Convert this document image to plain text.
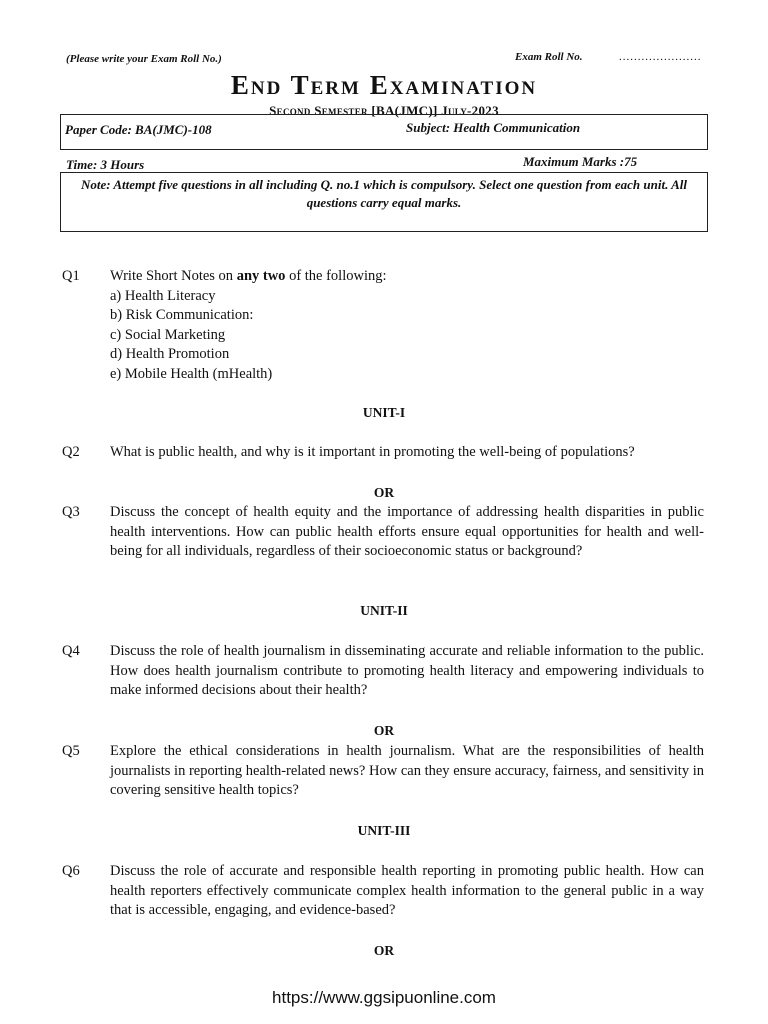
(Please write your Exam Roll No.)	Exam Roll No.	......................
End Term Examination
Second Semester [BA(JMC)] July-2023
Paper Code: BA(JMC)-108	Subject: Health Communication
Time: 3 Hours	Maximum Marks :75
Note: Attempt five questions in all including Q. no.1 which is compulsory. Select one question from each unit. All questions carry equal marks.
Q1	Write Short Notes on any two of the following:
a) Health Literacy
b) Risk Communication:
c) Social Marketing
d) Health Promotion
e) Mobile Health (mHealth)
UNIT-I
Q2	What is public health, and why is it important in promoting the well-being of populations?
OR
Q3	Discuss the concept of health equity and the importance of addressing health disparities in public health interventions. How can public health efforts ensure equal opportunities for health and well-being for all individuals, regardless of their socioeconomic status or background?
UNIT-II
Q4	Discuss the role of health journalism in disseminating accurate and reliable information to the public. How does health journalism contribute to promoting health literacy and empowering individuals to make informed decisions about their health?
OR
Q5	Explore the ethical considerations in health journalism. What are the responsibilities of health journalists in reporting health-related news? How can they ensure accuracy, fairness, and sensitivity in covering sensitive health topics?
UNIT-III
Q6	Discuss the role of accurate and responsible health reporting in promoting public health. How can health reporters effectively communicate complex health information to the general public in a way that is accessible, engaging, and evidence-based?
OR
https://www.ggsipuonline.com
